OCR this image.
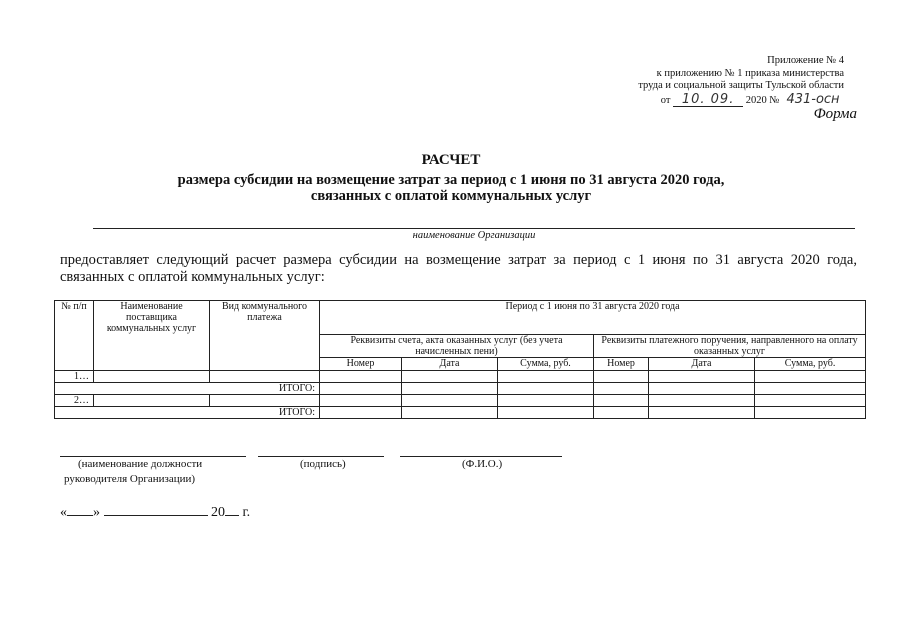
Приложение № 4
к приложению № 1 приказа министерства
труда и социальной защиты Тульской области
от 10. 09. 2020 № 431-осн
Форма
РАСЧЕТ
размера субсидии на возмещение затрат за период с 1 июня по 31 августа 2020 года,
связанных с оплатой коммунальных услуг
наименование Организации
предоставляет следующий расчет размера субсидии на возмещение затрат за период с 1 июня по 31 августа 2020 года,
связанных с оплатой коммунальных услуг:
№ п/п	Наименование поставщика коммунальных услуг	Вид коммунального платежа	Период с 1 июня по 31 августа 2020 года					
			Реквизиты счета, акта оказанных услуг (без учета начисленных пени)			Реквизиты платежного поручения, направленного на оплату оказанных услуг		
			Номер	Дата	Сумма, руб.	Номер	Дата	Сумма, руб.
1…								
ИТОГО:								
2…								
ИТОГО:								
(наименование должности
руководителя Организации)
(подпись)	(Ф.И.О.)
« »	20 г.
